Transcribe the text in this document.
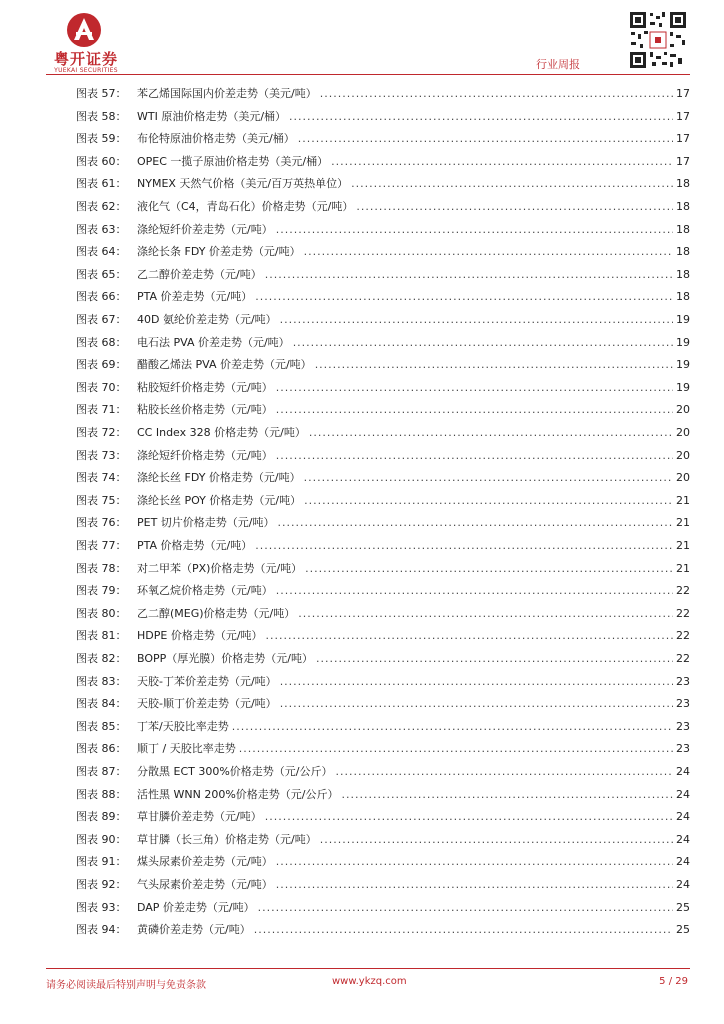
粤开证券
YUEKAI SECURITIES	行业周报
图表 57： 苯乙烯国际国内价差走势（美元/吨） .....	17
图表 58： WTI 原油价格走势（美元/桶） .....	17
图表 59： 布伦特原油价格走势（美元/桶） .....	17
图表 60： OPEC 一揽子原油价格走势（美元/桶） .....	17
图表 61： NYMEX 天然气价格（美元/百万英热单位） .....	18
图表 62： 液化气（C4，青岛石化）价格走势（元/吨） .....	18
图表 63： 涤纶短纤价差走势（元/吨） .....	18
图表 64： 涤纶长条 FDY 价差走势（元/吨） .....	18
图表 65： 乙二醇价差走势（元/吨） .....	18
图表 66： PTA 价差走势（元/吨） .....	18
图表 67： 40D 氨纶价差走势（元/吨） .....	19
图表 68： 电石法 PVA 价差走势（元/吨） .....	19
图表 69： 醋酸乙烯法 PVA 价差走势（元/吨） .....	19
图表 70： 粘胶短纤价格走势（元/吨） .....	19
图表 71： 粘胶长丝价格走势（元/吨） .....	20
图表 72： CC Index 328 价格走势（元/吨） .....	20
图表 73： 涤纶短纤价格走势（元/吨） .....	20
图表 74： 涤纶长丝 FDY 价格走势（元/吨） .....	20
图表 75： 涤纶长丝 POY 价格走势（元/吨） .....	21
图表 76： PET 切片价格走势（元/吨） .....	21
图表 77： PTA 价格走势（元/吨） .....	21
图表 78： 对二甲苯（PX)价格走势（元/吨） .....	21
图表 79： 环氧乙烷价格走势（元/吨） .....	22
图表 80： 乙二醇(MEG)价格走势（元/吨） .....	22
图表 81： HDPE 价格走势（元/吨） .....	22
图表 82： BOPP（厚光膜）价格走势（元/吨） .....	22
图表 83： 天胶-丁苯价差走势（元/吨） .....	23
图表 84： 天胶-顺丁价差走势（元/吨） .....	23
图表 85： 丁苯/天胶比率走势 .....	23
图表 86： 顺丁 / 天胶比率走势 .....	23
图表 87： 分散黑 ECT 300%价格走势（元/公斤） .....	24
图表 88： 活性黑 WNN 200%价格走势（元/公斤） .....	24
图表 89： 草甘膦价差走势（元/吨） .....	24
图表 90： 草甘膦（长三角）价格走势（元/吨） .....	24
图表 91： 煤头尿素价差走势（元/吨） .....	24
图表 92： 气头尿素价差走势（元/吨） .....	24
图表 93： DAP 价差走势（元/吨） .....	25
图表 94： 黄磷价差走势（元/吨） .....	25
请务必阅读最后特别声明与免责条款	www.ykzq.com	5 / 29
